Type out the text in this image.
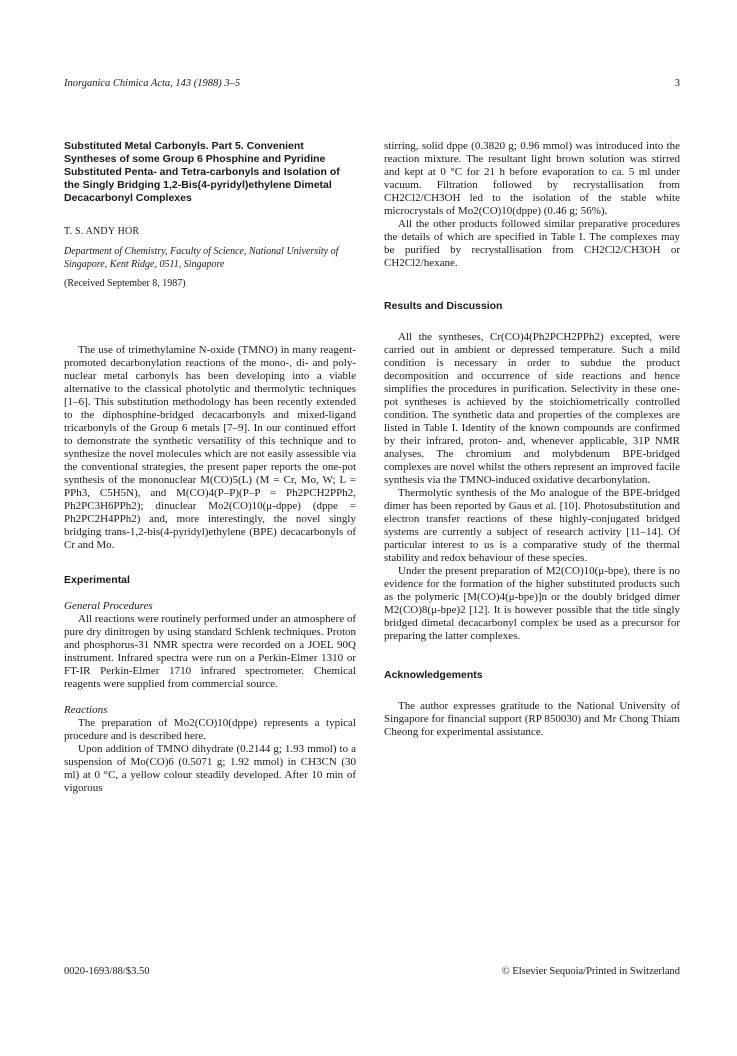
Inorganica Chimica Acta, 143 (1988) 3–5	3

Substituted Metal Carbonyls. Part 5. Convenient Syntheses of some Group 6 Phosphine and Pyridine Substituted Penta- and Tetra-carbonyls and Isolation of the Singly Bridging 1,2-Bis(4-pyridyl)ethylene Dimetal Decacarbonyl Complexes

T. S. ANDY HOR
Department of Chemistry, Faculty of Science, National University of Singapore, Kent Ridge, 0511, Singapore
(Received September 8, 1987)

The use of trimethylamine N-oxide (TMNO) in many reagent-promoted decarbonylation reactions of the mono-, di- and poly-nuclear metal carbonyls has been developing into a viable alternative to the classical photolytic and thermolytic techniques [1–6]. This substitution methodology has been recently extended to the diphosphine-bridged decacarbonyls and mixed-ligand tricarbonyls of the Group 6 metals [7–9]. In our continued effort to demonstrate the synthetic versatility of this technique and to synthesize the novel molecules which are not easily assessible via the conventional strategies, the present paper reports the one-pot synthesis of the mononuclear M(CO)5(L) (M = Cr, Mo, W; L = PPh3, C5H5N), and M(CO)4(P–P)(P–P = Ph2PCH2PPh2, Ph2PC3H6PPh2); dinuclear Mo2(CO)10(μ-dppe) (dppe = Ph2PC2H4PPh2) and, more interestingly, the novel singly bridging trans-1,2-bis(4-pyridyl)ethylene (BPE) decacarbonyls of Cr and Mo.

Experimental
General Procedures

All reactions were routinely performed under an atmosphere of pure dry dinitrogen by using standard Schlenk techniques. Proton and phosphorus-31 NMR spectra were recorded on a JOEL 90Q instrument. Infrared spectra were run on a Perkin-Elmer 1310 or FT-IR Perkin-Elmer 1710 infrared spectrometer. Chemical reagents were supplied from commercial source.

Reactions

The preparation of Mo2(CO)10(dppe) represents a typical procedure and is described here.

Upon addition of TMNO dihydrate (0.2144 g; 1.93 mmol) to a suspension of Mo(CO)6 (0.5071 g; 1.92 mmol) in CH3CN (30 ml) at 0 °C, a yellow colour steadily developed. After 10 min of vigorous

stirring, solid dppe (0.3820 g; 0.96 mmol) was introduced into the reaction mixture. The resultant light brown solution was stirred and kept at 0 °C for 21 h before evaporation to ca. 5 ml under vacuum. Filtration followed by recrystallisation from CH2Cl2/CH3OH led to the isolation of the stable white microcrystals of Mo2(CO)10(dppe) (0.46 g; 56%).

All the other products followed similar preparative procedures the details of which are specified in Table I. The complexes may be purified by recrystallisation from CH2Cl2/CH3OH or CH2Cl2/hexane.

Results and Discussion

All the syntheses, Cr(CO)4(Ph2PCH2PPh2) excepted, were carried out in ambient or depressed temperature. Such a mild condition is necessary in order to subdue the product decomposition and occurrence of side reactions and hence simplifies the procedures in purification. Selectivity in these one-pot syntheses is achieved by the stoichiometrically controlled condition. The synthetic data and properties of the complexes are listed in Table I. Identity of the known compounds are confirmed by their infrared, proton- and, whenever applicable, 31P NMR analyses. The chromium and molybdenum BPE-bridged complexes are novel whilst the others represent an improved facile synthesis via the TMNO-induced oxidative decarbonylation.

Thermolytic synthesis of the Mo analogue of the BPE-bridged dimer has been reported by Gaus et al. [10]. Photosubstitution and electron transfer reactions of these highly-conjugated bridged systems are currently a subject of research activity [11–14]. Of particular interest to us is a comparative study of the thermal stability and redox behaviour of these species.

Under the present preparation of M2(CO)10(μ-bpe), there is no evidence for the formation of the higher substituted products such as the polymeric [M(CO)4(μ-bpe)]n or the doubly bridged dimer M2(CO)8(μ-bpe)2 [12]. It is however possible that the title singly bridged dimetal decacarbonyl complex be used as a precursor for preparing the latter complexes.

Acknowledgements

The author expresses gratitude to the National University of Singapore for financial support (RP 850030) and Mr Chong Thiam Cheong for experimental assistance.

0020-1693/88/$3.50	© Elsevier Sequoia/Printed in Switzerland
